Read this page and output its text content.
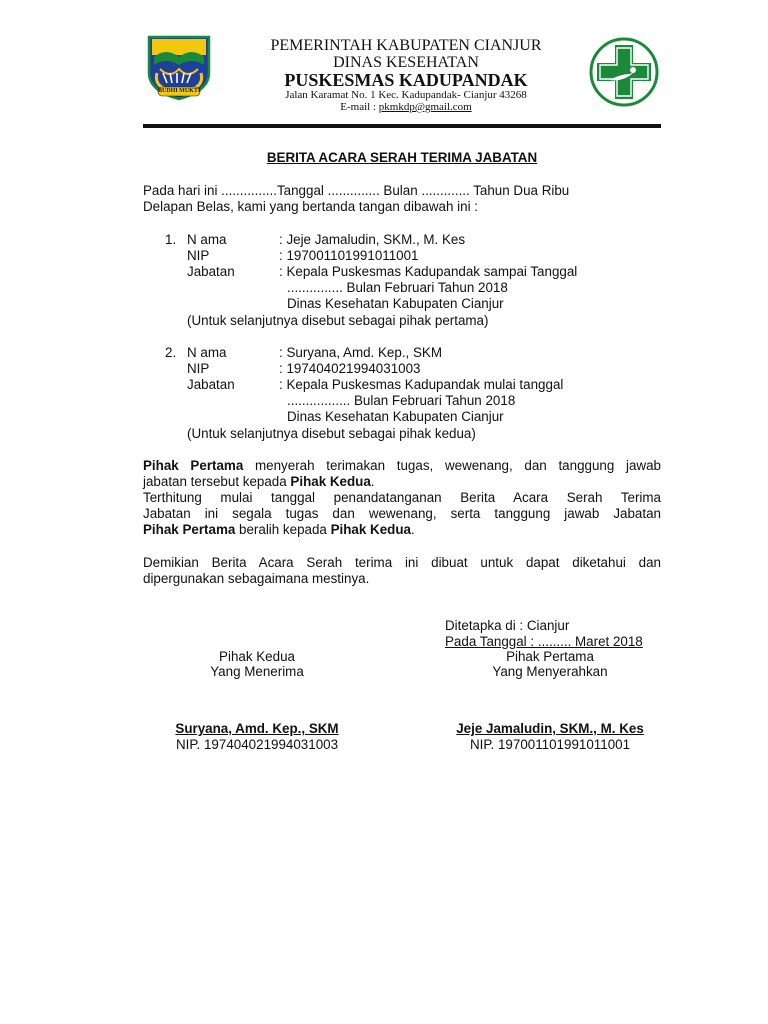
BUDHI MUKTI
PEMERINTAH KABUPATEN CIANJUR
DINAS KESEHATAN
PUSKESMAS KADUPANDAK
Jalan Karamat No. 1 Kec. Kadupandak- Cianjur 43268
E-mail : pkmkdp@gmail.com
BERITA ACARA SERAH TERIMA JABATAN
Pada hari ini ...............Tanggal .............. Bulan ............. Tahun Dua Ribu
Delapan Belas, kami yang bertanda tangan dibawah ini :
1. N ama	: Jeje Jamaludin, SKM., M. Kes
NIP	: 197001101991011001
Jabatan	: Kepala Puskesmas Kadupandak sampai Tanggal
............... Bulan Februari Tahun 2018
Dinas Kesehatan Kabupaten Cianjur
(Untuk selanjutnya disebut sebagai pihak pertama)
2. N ama	: Suryana, Amd. Kep., SKM
NIP	: 197404021994031003
Jabatan	: Kepala Puskesmas Kadupandak mulai tanggal
................. Bulan Februari Tahun 2018
Dinas Kesehatan Kabupaten Cianjur
(Untuk selanjutnya disebut sebagai pihak kedua)
Pihak Pertama menyerah terimakan tugas, wewenang, dan tanggung jawab
jabatan tersebut kepada Pihak Kedua.
Terthitung mulai tanggal penandatanganan Berita Acara Serah Terima
Jabatan ini segala tugas dan wewenang, serta tanggung jawab Jabatan
Pihak Pertama beralih kepada Pihak Kedua.
Demikian Berita Acara Serah terima ini dibuat untuk dapat diketahui dan
dipergunakan sebagaimana mestinya.
Ditetapka di : Cianjur
Pada Tanggal : ......... Maret 2018
Pihak Kedua
Yang Menerima
Pihak Pertama
Yang Menyerahkan
Suryana, Amd. Kep., SKM
NIP. 197404021994031003
Jeje Jamaludin, SKM., M. Kes
NIP. 197001101991011001
